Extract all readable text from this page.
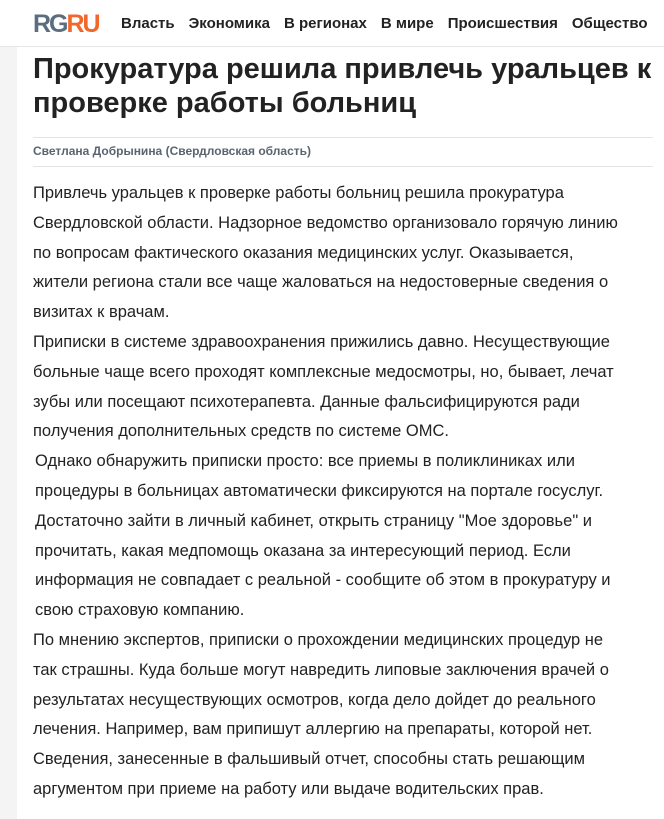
RGRU Власть Экономика В регионах В мире Происшествия Общество
Прокуратура решила привлечь уральцев к
проверке работы больниц
Светлана Добрынина (Свердловская область)
Привлечь уральцев к проверке работы больниц решила прокуратура
Свердловской области. Надзорное ведомство организовало горячую линию
по вопросам фактического оказания медицинских услуг. Оказывается,
жители региона стали все чаще жаловаться на недостоверные сведения о
визитах к врачам.
Приписки в системе здравоохранения прижились давно. Несуществующие
больные чаще всего проходят комплексные медосмотры, но, бывает, лечат
зубы или посещают психотерапевта. Данные фальсифицируются ради
получения дополнительных средств по системе ОМС.
Однако обнаружить приписки просто: все приемы в поликлиниках или
процедуры в больницах автоматически фиксируются на портале госуслуг.
Достаточно зайти в личный кабинет, открыть страницу "Мое здоровье" и
прочитать, какая медпомощь оказана за интересующий период. Если
информация не совпадает с реальной - сообщите об этом в прокуратуру и
свою страховую компанию.
По мнению экспертов, приписки о прохождении медицинских процедур не
так страшны. Куда больше могут навредить липовые заключения врачей о
результатах несуществующих осмотров, когда дело дойдет до реального
лечения. Например, вам припишут аллергию на препараты, которой нет.
Сведения, занесенные в фальшивый отчет, способны стать решающим
аргументом при приеме на работу или выдаче водительских прав.
